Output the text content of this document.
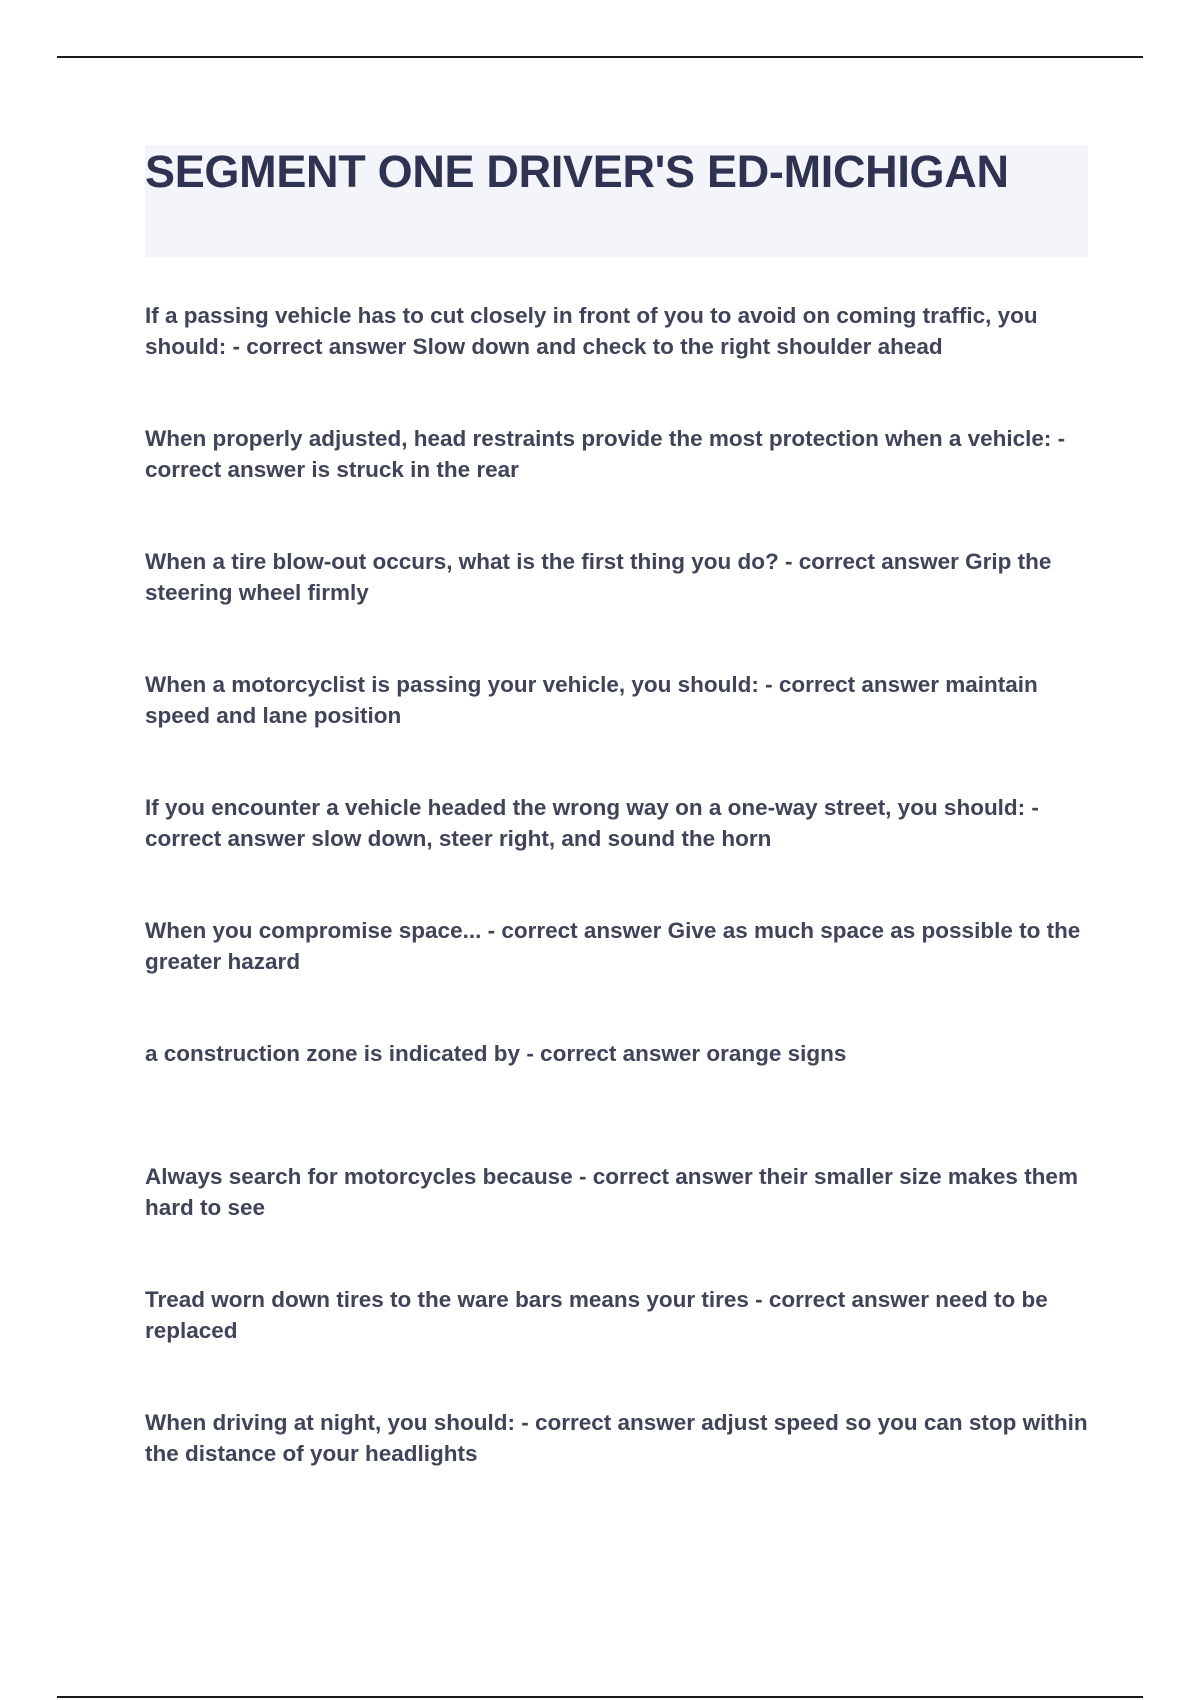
SEGMENT ONE DRIVER'S ED-MICHIGAN

If a passing vehicle has to cut closely in front of you to avoid on coming traffic, you should: - correct answer Slow down and check to the right shoulder ahead

When properly adjusted, head restraints provide the most protection when a vehicle: - correct answer is struck in the rear

When a tire blow-out occurs, what is the first thing you do? - correct answer Grip the steering wheel firmly

When a motorcyclist is passing your vehicle, you should: - correct answer maintain speed and lane position

If you encounter a vehicle headed the wrong way on a one-way street, you should: - correct answer slow down, steer right, and sound the horn

When you compromise space... - correct answer Give as much space as possible to the greater hazard

a construction zone is indicated by - correct answer orange signs

Always search for motorcycles because - correct answer their smaller size makes them hard to see

Tread worn down tires to the ware bars means your tires - correct answer need to be replaced

When driving at night, you should: - correct answer adjust speed so you can stop within the distance of your headlights
